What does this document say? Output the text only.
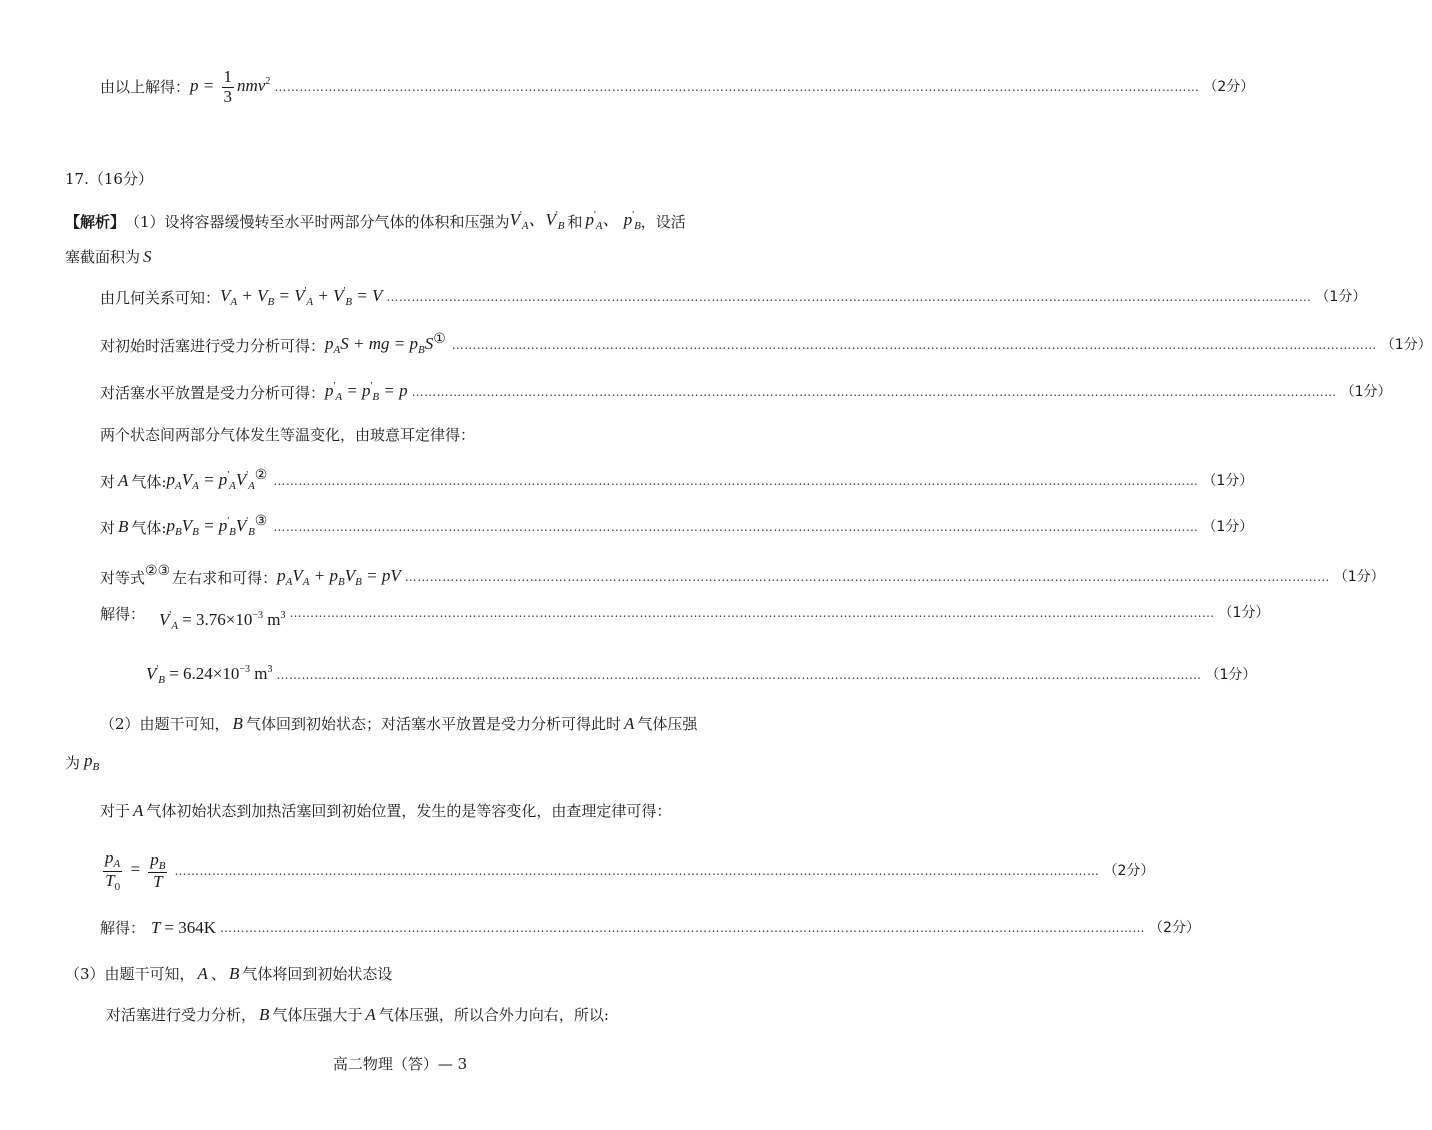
由以上解得： $p = \frac{1}{3} nmv^2$ …………………………………………………………………………………………………………………………………………………………………………………………………… （2分）
17.（16分）
【解析】 （1）设将容器缓慢转至水平时两部分气体的体积和压强为 $V'_A$、$V'_B$ 和 $p'_A$、 $p'_B$ ，设活
塞截面积为 S
由几何关系可知： $V_A + V_B = V'_A + V'_B = V$ …………………………………………………………………………………………………………………………………………………………………………………………………… （1分）
对初始时活塞进行受力分析可得： $p_AS$ + mg = $p_BS$ ① …………………………………………………………………………………………………………………………………………………………………………………………………… （1分）
对活塞水平放置是受力分析可得： $p'_A = p'_B = p$ …………………………………………………………………………………………………………………………………………………………………………………………………… （1分）
两个状态间两部分气体发生等温变化，由玻意耳定律得：
对 A 气体: $p_AV_A = p'_AV'_A$
② …………………………………………………………………………………………………………………………………………………………………………………………………… （1分）
对 B 气体: $p_BV_B = p'_BV'_B$
③ …………………………………………………………………………………………………………………………………………………………………………………………………… （1分）
对等式 ②③ 左右求和可得： $p_AV_A + p_BV_B$ = pV …………………………………………………………………………………………………………………………………………………………………………………………………… （1分）
解得： $V'_A = 3.76\times 10^{-3}$ $m^3$ …………………………………………………………………………………………………………………………………………………………………………………………………… （1分）
$V'_B = 6.24\times 10^{-3}$ $m^3$ …………………………………………………………………………………………………………………………………………………………………………………………………… （1分）
（2）由题干可知， B 气体回到初始状态；对活塞水平放置是受力分析可得此时 A 气体压强
为 $p_B$
对于 A 气体初始状态到加热活塞回到初始位置，发生的是等容变化，由查理定律可得：
$\frac{p_A}{T_0} = \frac{p_B}{T}$ …………………………………………………………………………………………………………………………………………………………………………………………………… （2分）
解得： T = 364K …………………………………………………………………………………………………………………………………………………………………………………………………… （2分）
（3）由题干可知， A 、 B 气体将回到初始状态设
对活塞进行受力分析， B 气体压强大于 A 气体压强，所以合外力向右，所以:
高二物理（答）— 3
